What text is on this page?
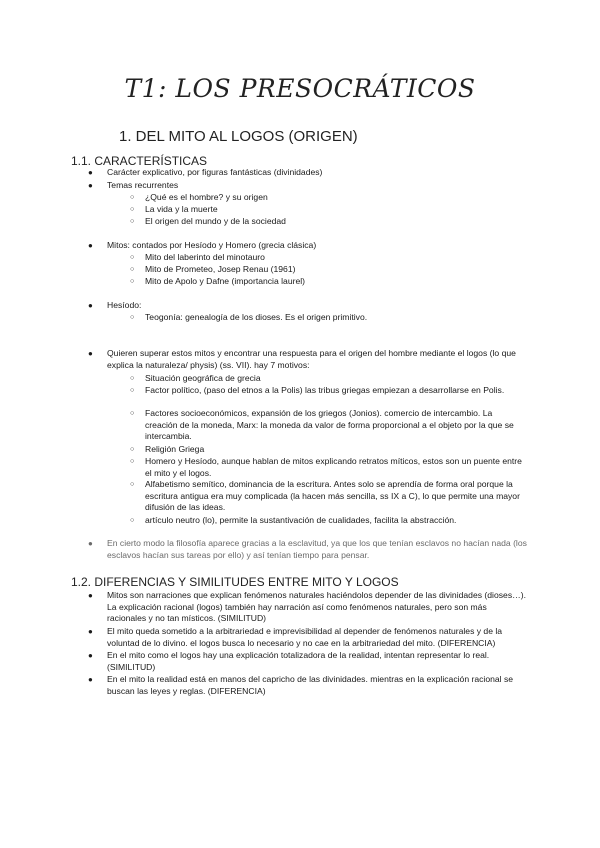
T1: LOS PRESOCRÁTICOS
1. DEL MITO AL LOGOS (ORIGEN)
1.1. CARACTERÍSTICAS
● Carácter explicativo, por figuras fantásticas (divinidades)
● Temas recurrentes
○ ¿Qué es el hombre? y su origen
○ La vida y la muerte
○ El origen del mundo y de la sociedad
● Mitos: contados por Hesíodo y Homero (grecia clásica)
○ Mito del laberinto del minotauro
○ Mito de Prometeo, Josep Renau (1961)
○ Mito de Apolo y Dafne (importancia laurel)
● Hesíodo:
○ Teogonía: genealogía de los dioses. Es el origen primitivo.
● Quieren superar estos mitos y encontrar una respuesta para el origen del hombre mediante el logos (lo que explica la naturaleza/ physis) (ss. VII). hay 7 motivos:
○ Situación geográfica de grecia
○ Factor político, (paso del etnos a la Polis) las tribus griegas empiezan a desarrollarse en Polis.
○ Factores socioeconómicos, expansión de los griegos (Jonios). comercio de intercambio. La creación de la moneda, Marx: la moneda da valor de forma proporcional a el objeto por la que se intercambia.
○ Religión Griega
○ Homero y Hesíodo, aunque hablan de mitos explicando retratos míticos, estos son un puente entre el mito y el logos.
○ Alfabetismo semítico, dominancia de la escritura. Antes solo se aprendía de forma oral porque la escritura antigua era muy complicada (la hacen más sencilla, ss IX a C), lo que permite una mayor difusión de las ideas.
○ artículo neutro (lo), permite la sustantivación de cualidades, facilita la abstracción.
● En cierto modo la filosofía aparece gracias a la esclavitud, ya que los que tenían esclavos no hacían nada (los esclavos hacían sus tareas por ello) y así tenían tiempo para pensar.
1.2. DIFERENCIAS Y SIMILITUDES ENTRE MITO Y LOGOS
● Mitos son narraciones que explican fenómenos naturales haciéndolos depender de las divinidades (dioses…). La explicación racional (logos) también hay narración así como fenómenos naturales, pero son más racionales y no tan místicos. (SIMILITUD)
● El mito queda sometido a la arbitrariedad e imprevisibilidad al depender de fenómenos naturales y de la voluntad de lo divino. el logos busca lo necesario y no cae en la arbitrariedad del mito. (DIFERENCIA)
● En el mito como el logos hay una explicación totalizadora de la realidad, intentan representar lo real. (SIMILITUD)
● En el mito la realidad está en manos del capricho de las divinidades. mientras en la explicación racional se buscan las leyes y reglas. (DIFERENCIA)
